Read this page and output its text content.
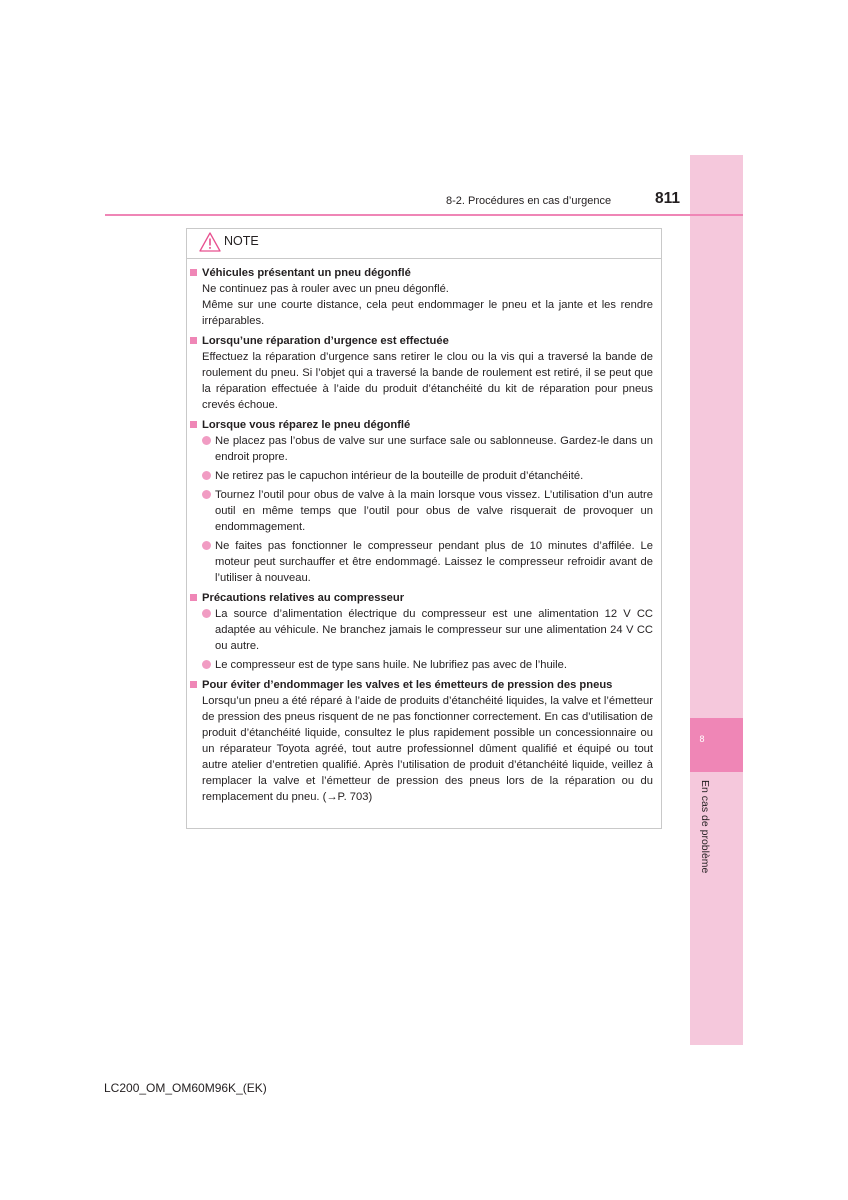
8
En cas de problème
8-2. Procédures en cas d’urgence	811
NOTE
Véhicules présentant un pneu dégonflé
Ne continuez pas à rouler avec un pneu dégonflé.
Même sur une courte distance, cela peut endommager le pneu et la jante et les rendre irréparables.
Lorsqu’une réparation d’urgence est effectuée
Effectuez la réparation d’urgence sans retirer le clou ou la vis qui a traversé la bande de roulement du pneu. Si l’objet qui a traversé la bande de roulement est retiré, il se peut que la réparation effectuée à l’aide du produit d’étanchéité du kit de réparation pour pneus crevés échoue.
Lorsque vous réparez le pneu dégonflé
Ne placez pas l’obus de valve sur une surface sale ou sablonneuse. Gardez-le dans un endroit propre.
Ne retirez pas le capuchon intérieur de la bouteille de produit d’étanchéité.
Tournez l’outil pour obus de valve à la main lorsque vous vissez. L’utilisation d’un autre outil en même temps que l’outil pour obus de valve risquerait de provoquer un endommagement.
Ne faites pas fonctionner le compresseur pendant plus de 10 minutes d’affilée. Le moteur peut surchauffer et être endommagé. Laissez le compresseur refroidir avant de l’utiliser à nouveau.
Précautions relatives au compresseur
La source d’alimentation électrique du compresseur est une alimentation 12 V CC adaptée au véhicule. Ne branchez jamais le compresseur sur une alimentation 24 V CC ou autre.
Le compresseur est de type sans huile. Ne lubrifiez pas avec de l’huile.
Pour éviter d’endommager les valves et les émetteurs de pression des pneus
Lorsqu’un pneu a été réparé à l’aide de produits d’étanchéité liquides, la valve et l’émetteur de pression des pneus risquent de ne pas fonctionner correctement. En cas d’utilisation de produit d’étanchéité liquide, consultez le plus rapidement possible un concessionnaire ou un réparateur Toyota agréé, tout autre professionnel dûment qualifié et équipé ou tout autre atelier d’entretien qualifié. Après l’utilisation de produit d’étanchéité liquide, veillez à remplacer la valve et l’émetteur de pression des pneus lors de la réparation ou du remplacement du pneu. (→P. 703)
LC200_OM_OM60M96K_(EK)
